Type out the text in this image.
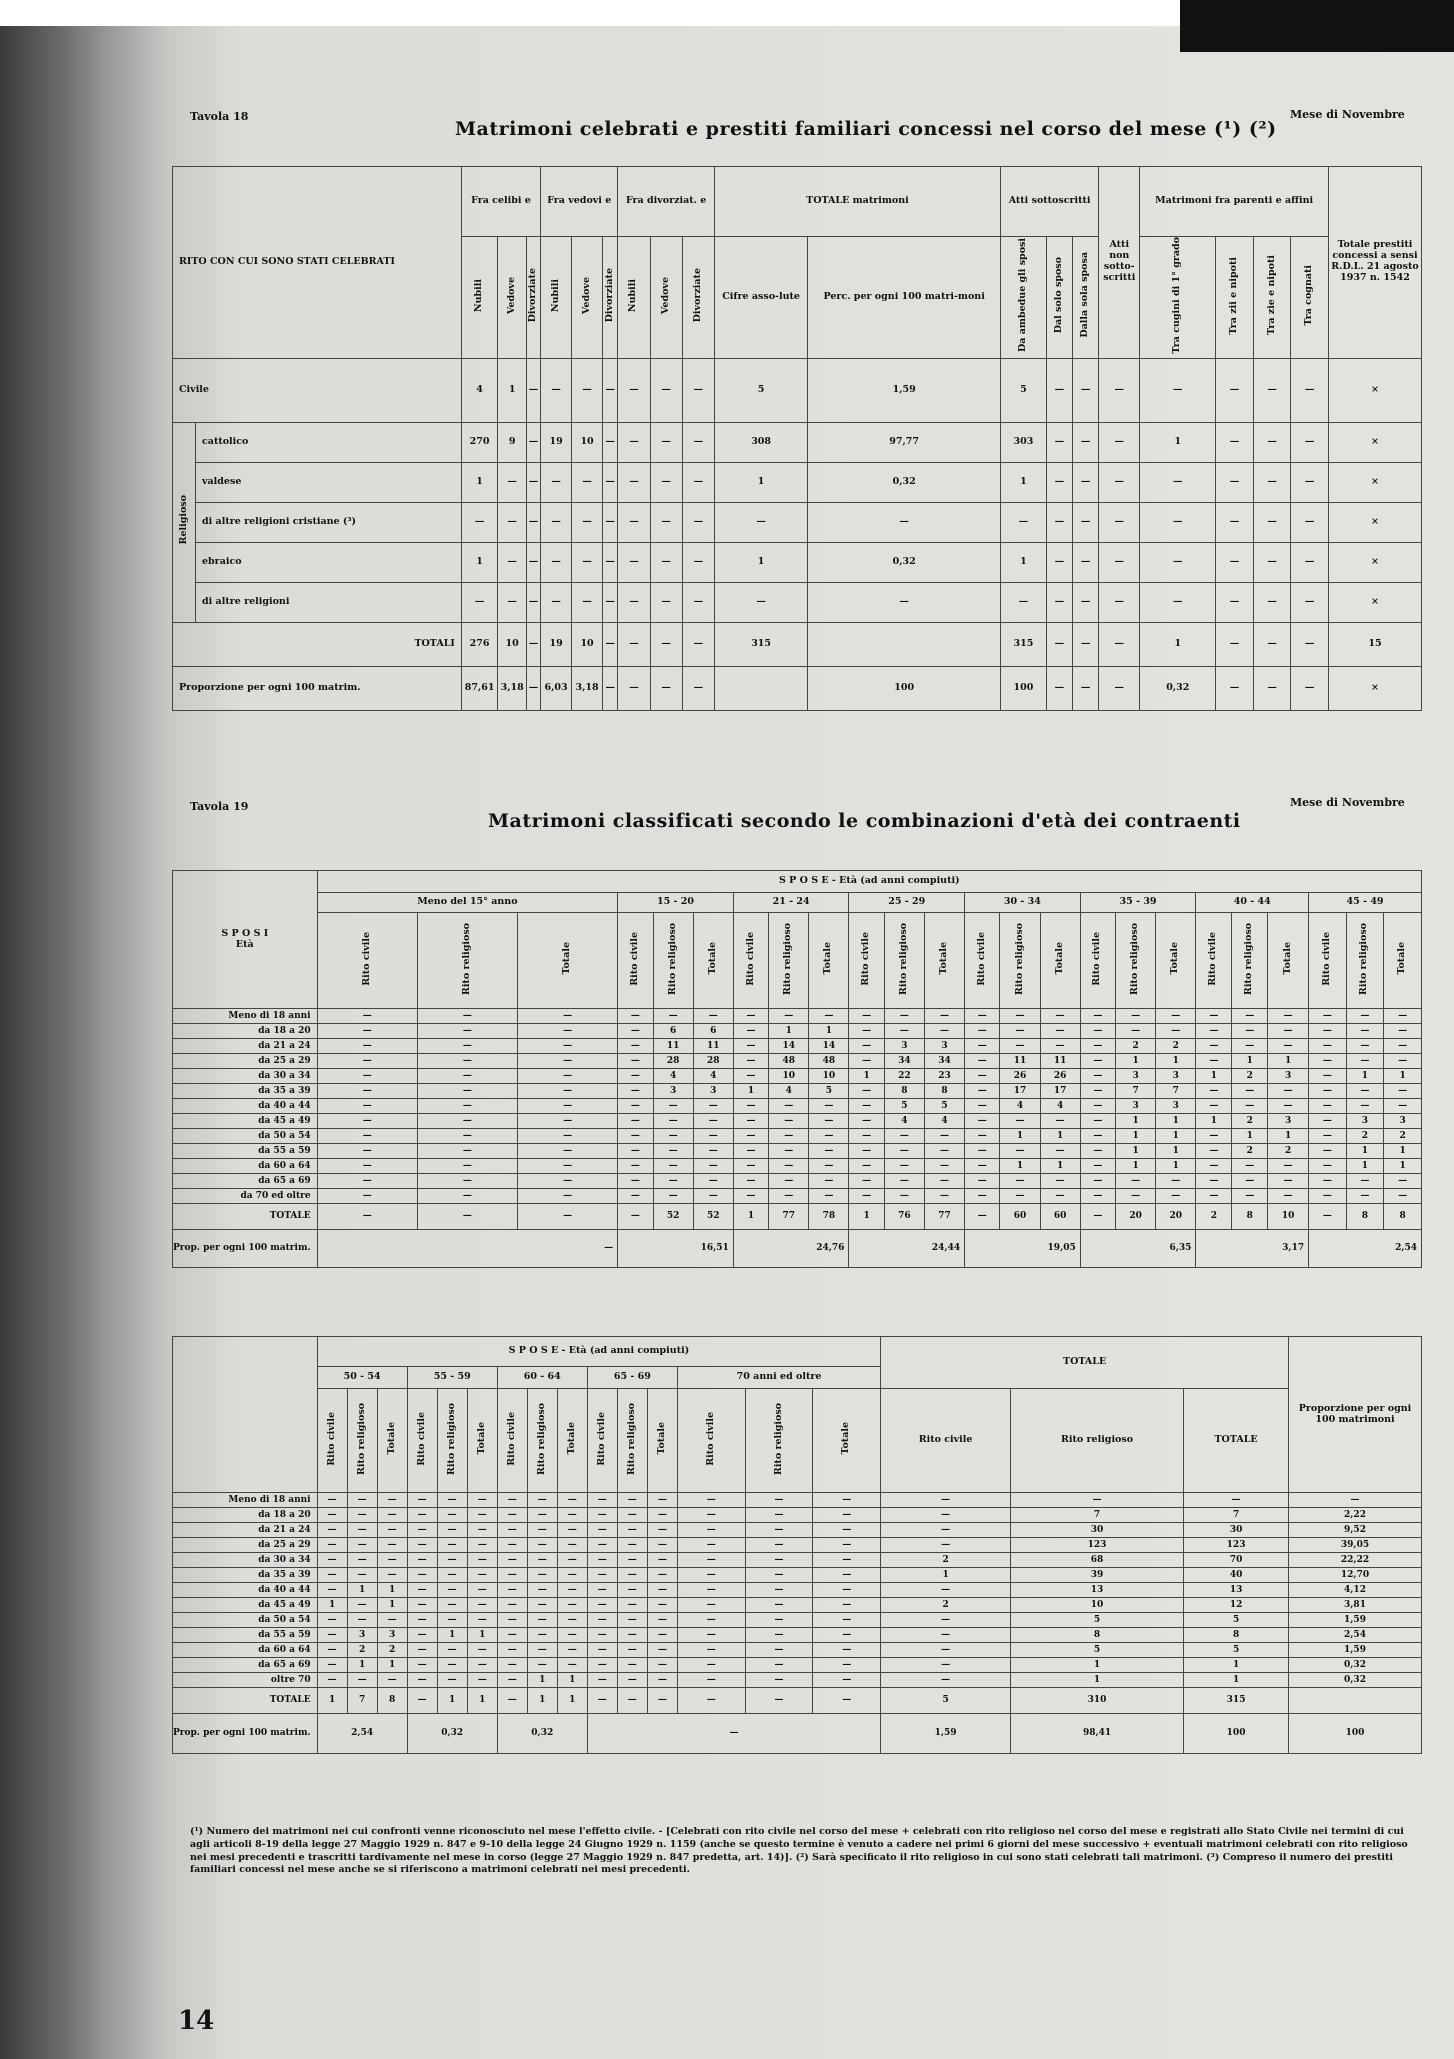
Tavola 18	Mese di Novembre
Matrimoni celebrati e prestiti familiari concessi nel corso del mese (¹) (²)
RITO CON CUI SONO STATI CELEBRATI		Fra celibi e			Fra vedovi e			Fra divorziat. e			TOTALE matrimoni		Atti sottoscritti			Atti non sotto-scritti	Matrimoni fra parenti e affini				Totale prestiti concessi a sensi R.D.L. 21 agosto 1937 n. 1542
		Nubili	Vedove	Divorziate	Nubili	Vedove	Divorziate	Nubili	Vedove	Divorziate	Cifre asso-lute	Perc. per ogni 100 matri-moni	Da ambedue gli sposi	Dal solo sposo	Dalla sola sposa		Tra cugini di 1° grado	Tra zii e nipoti	Tra zie e nipoti	Tra cognati	
Civile		4	1	—	—	—	—	—	—	—	5	1,59	5	—	—	—	—	—	—	—	×
Religioso	cattolico	270	9	—	19	10	—	—	—	—	308	97,77	303	—	—	—	1	—	—	—	×
	valdese	1	—	—	—	—	—	—	—	—	1	0,32	1	—	—	—	—	—	—	—	×
	di altre religioni cristiane (³)	—	—	—	—	—	—	—	—	—	—	—	—	—	—	—	—	—	—	—	×
	ebraico	1	—	—	—	—	—	—	—	—	1	0,32	1	—	—	—	—	—	—	—	×
	di altre religioni	—	—	—	—	—	—	—	—	—	—	—	—	—	—	—	—	—	—	—	×
TOTALI		276	10	—	19	10	—	—	—	—	315		315	—	—	—	1	—	—	—	15
Proporzione per ogni 100 matrim.		87,61	3,18	—	6,03	3,18	—	—	—	—		100	100	—	—	—	0,32	—	—	—	×
Tavola 19	Mese di Novembre
Matrimoni classificati secondo le combinazioni d'età dei contraenti
S P O S I
Età	S P O S E - Età (ad anni compiuti)																							
	Meno del 15° anno			15 - 20			21 - 24			25 - 29			30 - 34			35 - 39			40 - 44			45 - 49		
	Rito civile	Rito religioso	Totale	Rito civile	Rito religioso	Totale	Rito civile	Rito religioso	Totale	Rito civile	Rito religioso	Totale	Rito civile	Rito religioso	Totale	Rito civile	Rito religioso	Totale	Rito civile	Rito religioso	Totale	Rito civile	Rito religioso	Totale
Meno di 18 anni	—	—	—	—	—	—	—	—	—	—	—	—	—	—	—	—	—	—	—	—	—	—	—	—
da 18 a 20	—	—	—	—	6	6	—	1	1	—	—	—	—	—	—	—	—	—	—	—	—	—	—	—
da 21 a 24	—	—	—	—	11	11	—	14	14	—	3	3	—	—	—	—	2	2	—	—	—	—	—	—
da 25 a 29	—	—	—	—	28	28	—	48	48	—	34	34	—	11	11	—	1	1	—	1	1	—	—	—
da 30 a 34	—	—	—	—	4	4	—	10	10	1	22	23	—	26	26	—	3	3	1	2	3	—	1	1
da 35 a 39	—	—	—	—	3	3	1	4	5	—	8	8	—	17	17	—	7	7	—	—	—	—	—	—
da 40 a 44	—	—	—	—	—	—	—	—	—	—	5	5	—	4	4	—	3	3	—	—	—	—	—	—
da 45 a 49	—	—	—	—	—	—	—	—	—	—	4	4	—	—	—	—	1	1	1	2	3	—	3	3
da 50 a 54	—	—	—	—	—	—	—	—	—	—	—	—	—	1	1	—	1	1	—	1	1	—	2	2
da 55 a 59	—	—	—	—	—	—	—	—	—	—	—	—	—	—	—	—	1	1	—	2	2	—	1	1
da 60 a 64	—	—	—	—	—	—	—	—	—	—	—	—	—	1	1	—	1	1	—	—	—	—	1	1
da 65 a 69	—	—	—	—	—	—	—	—	—	—	—	—	—	—	—	—	—	—	—	—	—	—	—	—
da 70 ed oltre	—	—	—	—	—	—	—	—	—	—	—	—	—	—	—	—	—	—	—	—	—	—	—	—
TOTALE	—	—	—	—	52	52	1	77	78	1	76	77	—	60	60	—	20	20	2	8	10	—	8	8
Prop. per ogni 100 matrim.	—			16,51			24,76			24,44			19,05			6,35			3,17			2,54		
	S P O S E - Età (ad anni compiuti)															TOTALE			Proporzione per ogni 100 matrimoni
	50 - 54			55 - 59			60 - 64			65 - 69			70 anni ed oltre						
	Rito civile	Rito religioso	Totale	Rito civile	Rito religioso	Totale	Rito civile	Rito religioso	Totale	Rito civile	Rito religioso	Totale	Rito civile	Rito religioso	Totale	Rito civile	Rito religioso	TOTALE	
Meno di 18 anni	—	—	—	—	—	—	—	—	—	—	—	—	—	—	—	—	—	—	—
da 18 a 20	—	—	—	—	—	—	—	—	—	—	—	—	—	—	—	—	7	7	2,22
da 21 a 24	—	—	—	—	—	—	—	—	—	—	—	—	—	—	—	—	30	30	9,52
da 25 a 29	—	—	—	—	—	—	—	—	—	—	—	—	—	—	—	—	123	123	39,05
da 30 a 34	—	—	—	—	—	—	—	—	—	—	—	—	—	—	—	2	68	70	22,22
da 35 a 39	—	—	—	—	—	—	—	—	—	—	—	—	—	—	—	1	39	40	12,70
da 40 a 44	—	1	1	—	—	—	—	—	—	—	—	—	—	—	—	—	13	13	4,12
da 45 a 49	1	—	1	—	—	—	—	—	—	—	—	—	—	—	—	2	10	12	3,81
da 50 a 54	—	—	—	—	—	—	—	—	—	—	—	—	—	—	—	—	5	5	1,59
da 55 a 59	—	3	3	—	1	1	—	—	—	—	—	—	—	—	—	—	8	8	2,54
da 60 a 64	—	2	2	—	—	—	—	—	—	—	—	—	—	—	—	—	5	5	1,59
da 65 a 69	—	1	1	—	—	—	—	—	—	—	—	—	—	—	—	—	1	1	0,32
oltre 70	—	—	—	—	—	—	—	1	1	—	—	—	—	—	—	—	1	1	0,32
TOTALE	1	7	8	—	1	1	—	1	1	—	—	—	—	—	—	5	310	315	
Prop. per ogni 100 matrim.	2,54			0,32			0,32			—						1,59	98,41	100	100
(¹) Numero dei matrimoni nei cui confronti venne riconosciuto nel mese l'effetto civile. - [Celebrati con rito civile nel corso del mese + celebrati con rito religioso nel corso del mese e registrati allo Stato Civile nei termini di cui agli articoli 8-19 della legge 27 Maggio 1929 n. 847 e 9-10 della legge 24 Giugno 1929 n. 1159 (anche se questo termine è venuto a cadere nei primi 6 giorni del mese successivo + eventuali matrimoni celebrati con rito religioso nei mesi precedenti e trascritti tardivamente nel mese in corso (legge 27 Maggio 1929 n. 847 predetta, art. 14)]. (²) Sarà specificato il rito religioso in cui sono stati celebrati tali matrimoni. (³) Compreso il numero dei prestiti familiari concessi nel mese anche se si riferiscono a matrimoni celebrati nei mesi precedenti.
14
